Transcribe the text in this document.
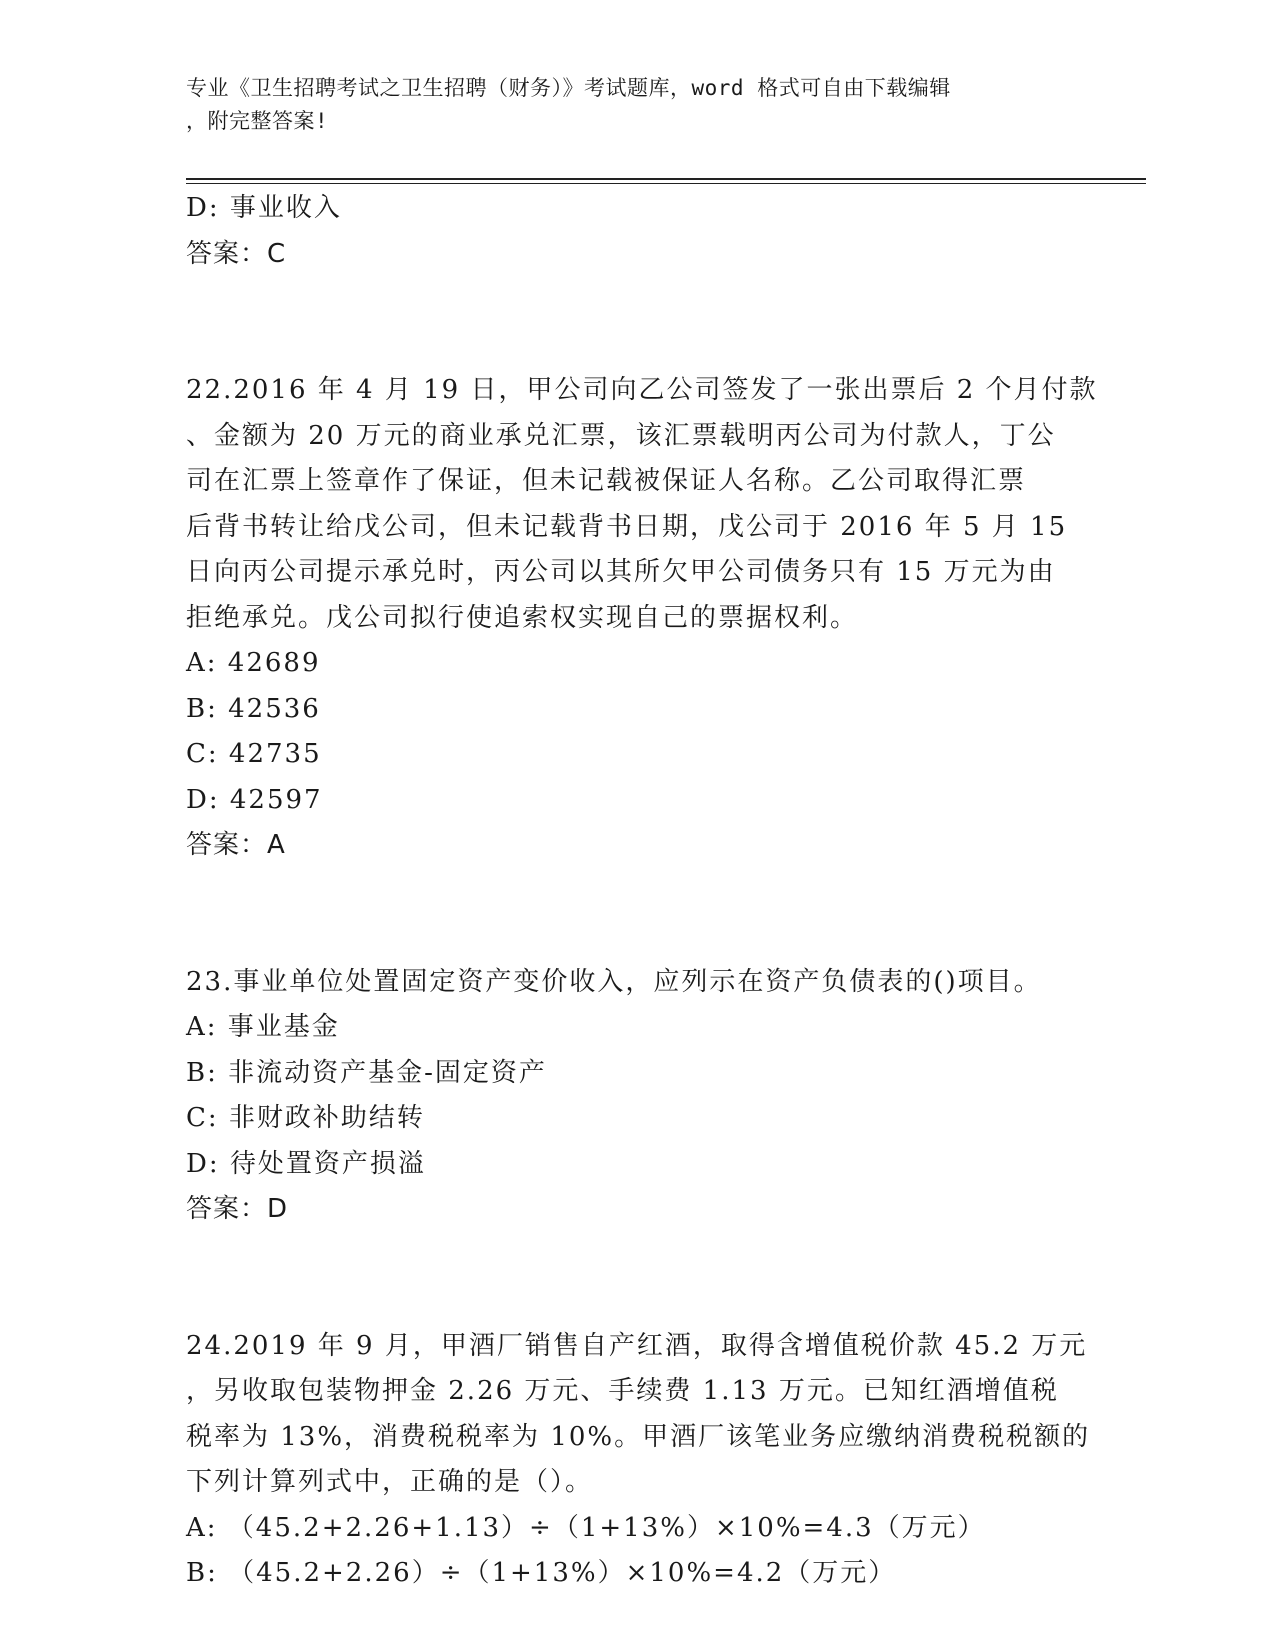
专业《卫生招聘考试之卫生招聘（财务）》考试题库，word 格式可自由下载编辑
，附完整答案!
D: 事业收入
答案：C
22.2016 年 4 月 19 日，甲公司向乙公司签发了一张出票后 2 个月付款
、金额为 20 万元的商业承兑汇票，该汇票载明丙公司为付款人，丁公
司在汇票上签章作了保证，但未记载被保证人名称。乙公司取得汇票
后背书转让给戊公司，但未记载背书日期，戊公司于 2016 年 5 月 15
日向丙公司提示承兑时，丙公司以其所欠甲公司债务只有 15 万元为由
拒绝承兑。戊公司拟行使追索权实现自己的票据权利。
A: 42689
B: 42536
C: 42735
D: 42597
答案：A
23.事业单位处置固定资产变价收入，应列示在资产负债表的()项目。
A: 事业基金
B: 非流动资产基金-固定资产
C: 非财政补助结转
D: 待处置资产损溢
答案：D
24.2019 年 9 月，甲酒厂销售自产红酒，取得含增值税价款 45.2 万元
，另收取包装物押金 2.26 万元、手续费 1.13 万元。已知红酒增值税
税率为 13%，消费税税率为 10%。甲酒厂该笔业务应缴纳消费税税额的
下列计算列式中，正确的是（）。
A: （45.2+2.26+1.13）÷（1+13%）×10%=4.3（万元）
B: （45.2+2.26）÷（1+13%）×10%=4.2（万元）
